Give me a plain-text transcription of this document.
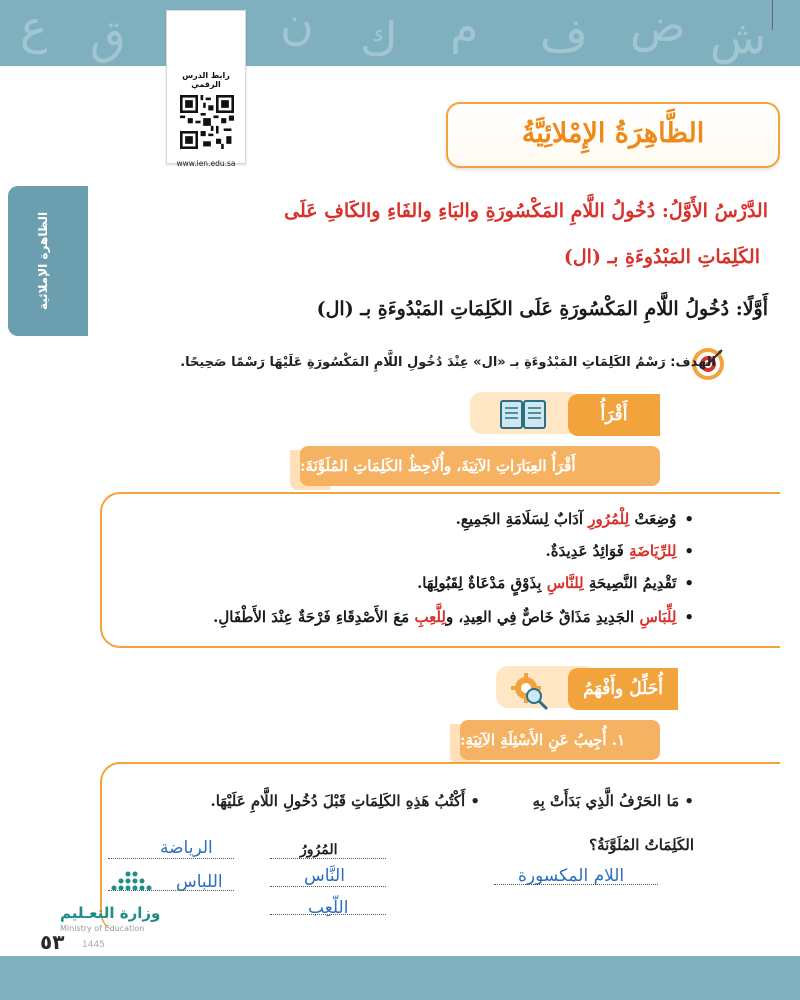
ع ق	ن ك م ف ض ش
رابط الدرس الرقمي
www.ien.edu.sa
الظاهرة الإملائية
الظَّاهِرَةُ الإِمْلائِيَّةُ
الدَّرْسُ الأَوَّلُ: دُخُولُ اللَّامِ المَكْسُورَةِ والبَاءِ والفَاءِ والكَافِ عَلَى
الكَلِمَاتِ المَبْدُوءَةِ بـ (ال)
أَوَّلًا: دُخُولُ اللَّامِ المَكْسُورَةِ عَلَى الكَلِمَاتِ المَبْدُوءَةِ بـ (ال)
الهدف: رَسْمُ الكَلِمَاتِ المَبْدُوءَةِ بـ «ال» عِنْدَ دُخُولِ اللَّامِ المَكْسُورَةِ عَلَيْهَا رَسْمًا صَحِيحًا.
أَقْرَأُ
أَقْرَأُ العِبَارَاتِ الآتِيَةَ، وأُلَاحِظُ الكَلِمَاتِ المُلَوَّنَةَ:
•وُضِعَتْ لِلْمُرُورِ آدَابٌ لِسَلَامَةِ الجَمِيعِ.
•لِلرِّيَاضَةِ فَوَائِدُ عَدِيدَةٌ.
•تَقْدِيمُ النَّصِيحَةِ لِلنَّاسِ بِذَوْقٍ مَدْعَاةٌ لِقَبُولِهَا.
•لِلِّبَاسِ الجَدِيدِ مَذَاقٌ خَاصٌّ فِي العِيدِ، ولِلَّعِبِ مَعَ الأَصْدِقَاءِ فَرْحَةٌ عِنْدَ الأَطْفَالِ.
أُحَلِّلُ وأَفْهَمُ
١. أُجِيبُ عَنِ الأَسْئِلَةِ الآتِيَةِ:
• مَا الحَرْفُ الَّذِي بَدَأَتْ بِهِ
الكَلِمَاتُ المُلَوَّنَةُ؟
اللام المكسورة
• أَكْتُبُ هَذِهِ الكَلِمَاتِ قَبْلَ دُخُولِ اللَّامِ عَلَيْهَا.
المُرُورُ
الرياضة
النَّاس
اللباس
اللّعِب
وزارة التعـليم
Ministry of Education
٥٣ 1445
